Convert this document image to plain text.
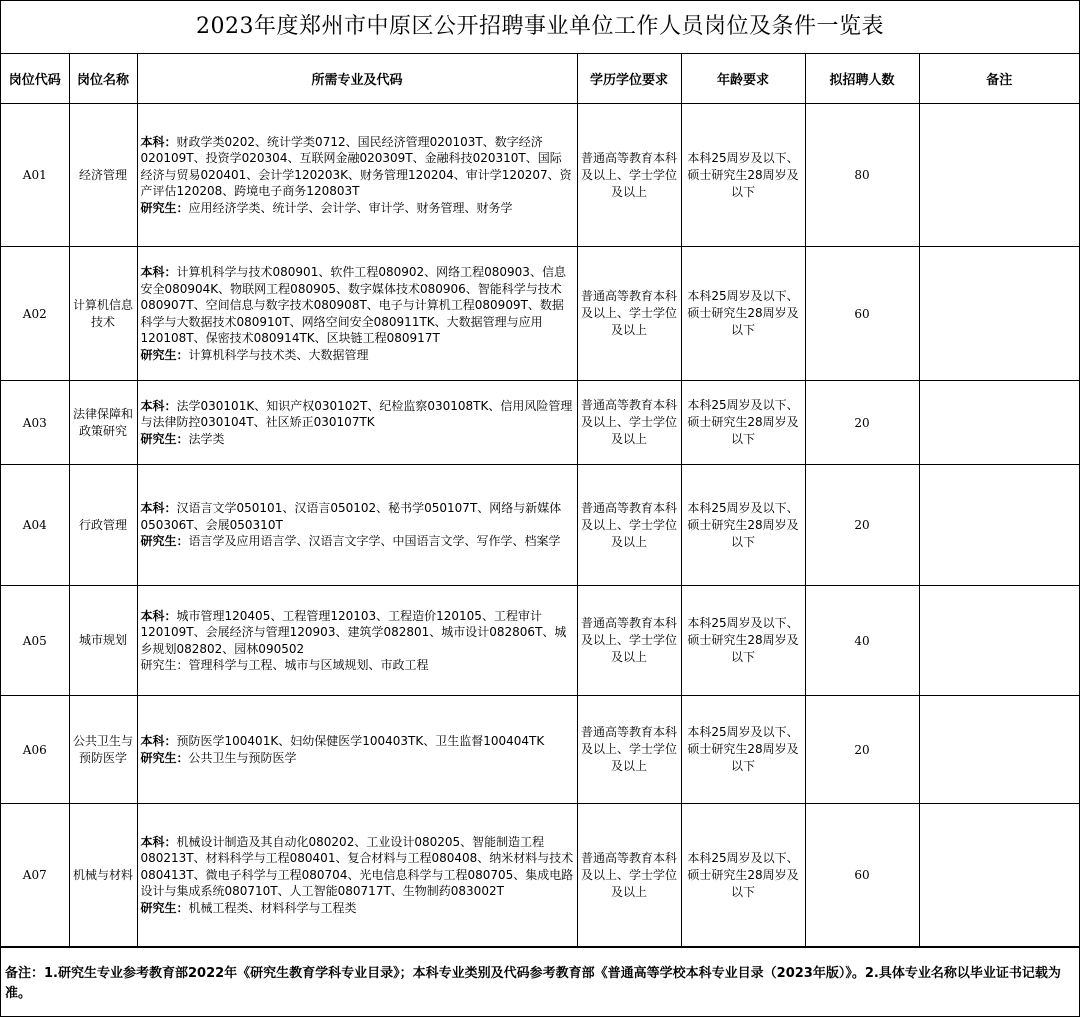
2023年度郑州市中原区公开招聘事业单位工作人员岗位及条件一览表
岗位代码	岗位名称	所需专业及代码	学历学位要求	年龄要求	拟招聘人数	备注
A01	经济管理	本科：财政学类0202、统计学类0712、国民经济管理020103T、数字经济020109T、投资学020304、互联网金融020309T、金融科技020310T、国际经济与贸易020401、会计学120203K、财务管理120204、审计学120207、资产评估120208、跨境电子商务120803T
研究生：应用经济学类、统计学、会计学、审计学、财务管理、财务学	普通高等教育本科及以上、学士学位及以上	本科25周岁及以下、硕士研究生28周岁及以下	80	
A02	计算机信息技术	本科：计算机科学与技术080901、软件工程080902、网络工程080903、信息安全080904K、物联网工程080905、数字媒体技术080906、智能科学与技术080907T、空间信息与数字技术080908T、电子与计算机工程080909T、数据科学与大数据技术080910T、网络空间安全080911TK、大数据管理与应用120108T、保密技术080914TK、区块链工程080917T
研究生：计算机科学与技术类、大数据管理	普通高等教育本科及以上、学士学位及以上	本科25周岁及以下、硕士研究生28周岁及以下	60	
A03	法律保障和政策研究	本科：法学030101K、知识产权030102T、纪检监察030108TK、信用风险管理与法律防控030104T、社区矫正030107TK
研究生：法学类	普通高等教育本科及以上、学士学位及以上	本科25周岁及以下、硕士研究生28周岁及以下	20	
A04	行政管理	本科：汉语言文学050101、汉语言050102、秘书学050107T、网络与新媒体050306T、会展050310T
研究生：语言学及应用语言学、汉语言文字学、中国语言文学、写作学、档案学	普通高等教育本科及以上、学士学位及以上	本科25周岁及以下、硕士研究生28周岁及以下	20	
A05	城市规划	本科：城市管理120405、工程管理120103、工程造价120105、工程审计120109T、会展经济与管理120903、建筑学082801、城市设计082806T、城乡规划082802、园林090502
研究生：管理科学与工程、城市与区域规划、市政工程	普通高等教育本科及以上、学士学位及以上	本科25周岁及以下、硕士研究生28周岁及以下	40	
A06	公共卫生与预防医学	本科：预防医学100401K、妇幼保健医学100403TK、卫生监督100404TK
研究生：公共卫生与预防医学	普通高等教育本科及以上、学士学位及以上	本科25周岁及以下、硕士研究生28周岁及以下	20	
A07	机械与材料	本科：机械设计制造及其自动化080202、工业设计080205、智能制造工程080213T、材料科学与工程080401、复合材料与工程080408、纳米材料与技术080413T、微电子科学与工程080704、光电信息科学与工程080705、集成电路设计与集成系统080710T、人工智能080717T、生物制药083002T
研究生：机械工程类、材料科学与工程类	普通高等教育本科及以上、学士学位及以上	本科25周岁及以下、硕士研究生28周岁及以下	60	
备注：1.研究生专业参考教育部2022年《研究生教育学科专业目录》；本科专业类别及代码参考教育部《普通高等学校本科专业目录（2023年版）》。2.具体专业名称以毕业证书记载为准。
